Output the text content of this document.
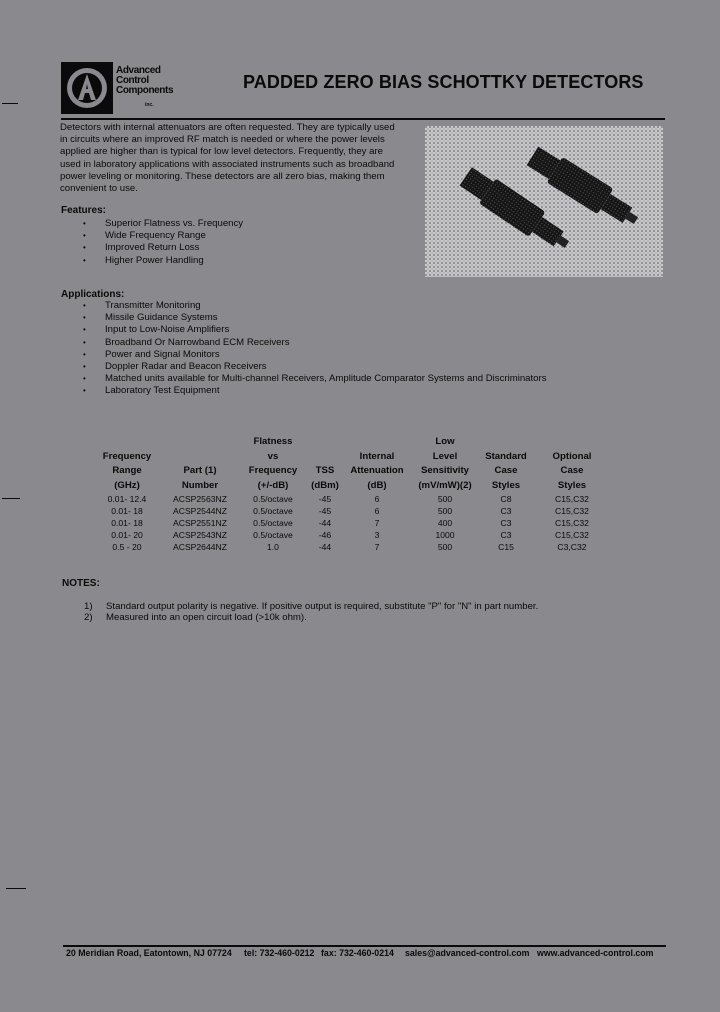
Advanced
Control
Components
inc.
PADDED ZERO BIAS SCHOTTKY DETECTORS
Detectors with internal attenuators are often requested. They are typically used
in circuits where an improved RF match is needed or where the power levels
applied are higher than is typical for low level detectors. Frequently, they are
used in laboratory applications with associated instruments such as broadband
power leveling or monitoring. These detectors are all zero bias, making them
convenient to use.
Features:
• Superior Flatness vs. Frequency
• Wide Frequency Range
• Improved Return Loss
• Higher Power Handling
Applications:
• Transmitter Monitoring
• Missile Guidance Systems
• Input to Low-Noise Amplifiers
• Broadband Or Narrowband ECM Receivers
• Power and Signal Monitors
• Doppler Radar and Beacon Receivers
• Matched units available for Multi-channel Receivers, Amplitude Comparator Systems and Discriminators
• Laboratory Test Equipment

Frequency
Range
(GHz)
0.01- 12.4
0.01- 18
0.01- 18
0.01- 20
0.5 - 20

Part (1)
Number
ACSP2563NZ
ACSP2544NZ
ACSP2551NZ
ACSP2543NZ
ACSP2644NZ
Flatness
vs
Frequency
(+/-dB)
0.5/octave
0.5/octave
0.5/octave
0.5/octave
1.0

TSS
(dBm)
-45
-45
-44
-46
-44

Internal
Attenuation
(dB)
6
6
7
3
7
Low
Level
Sensitivity
(mV/mW)(2)
500
500
400
1000
500

Standard
Case
Styles
C8
C3
C3
C3
C15

Optional
Case
Styles
C15,C32
C15,C32
C15,C32
C15,C32
C3,C32
NOTES:
1) Standard output polarity is negative. If positive output is required, substitute "P" for "N" in part number.
2) Measured into an open circuit load (>10k ohm).
20 Meridian Road, Eatontown, NJ 07724 tel: 732-460-0212 fax: 732-460-0214 sales@advanced-control.com www.advanced-control.com
